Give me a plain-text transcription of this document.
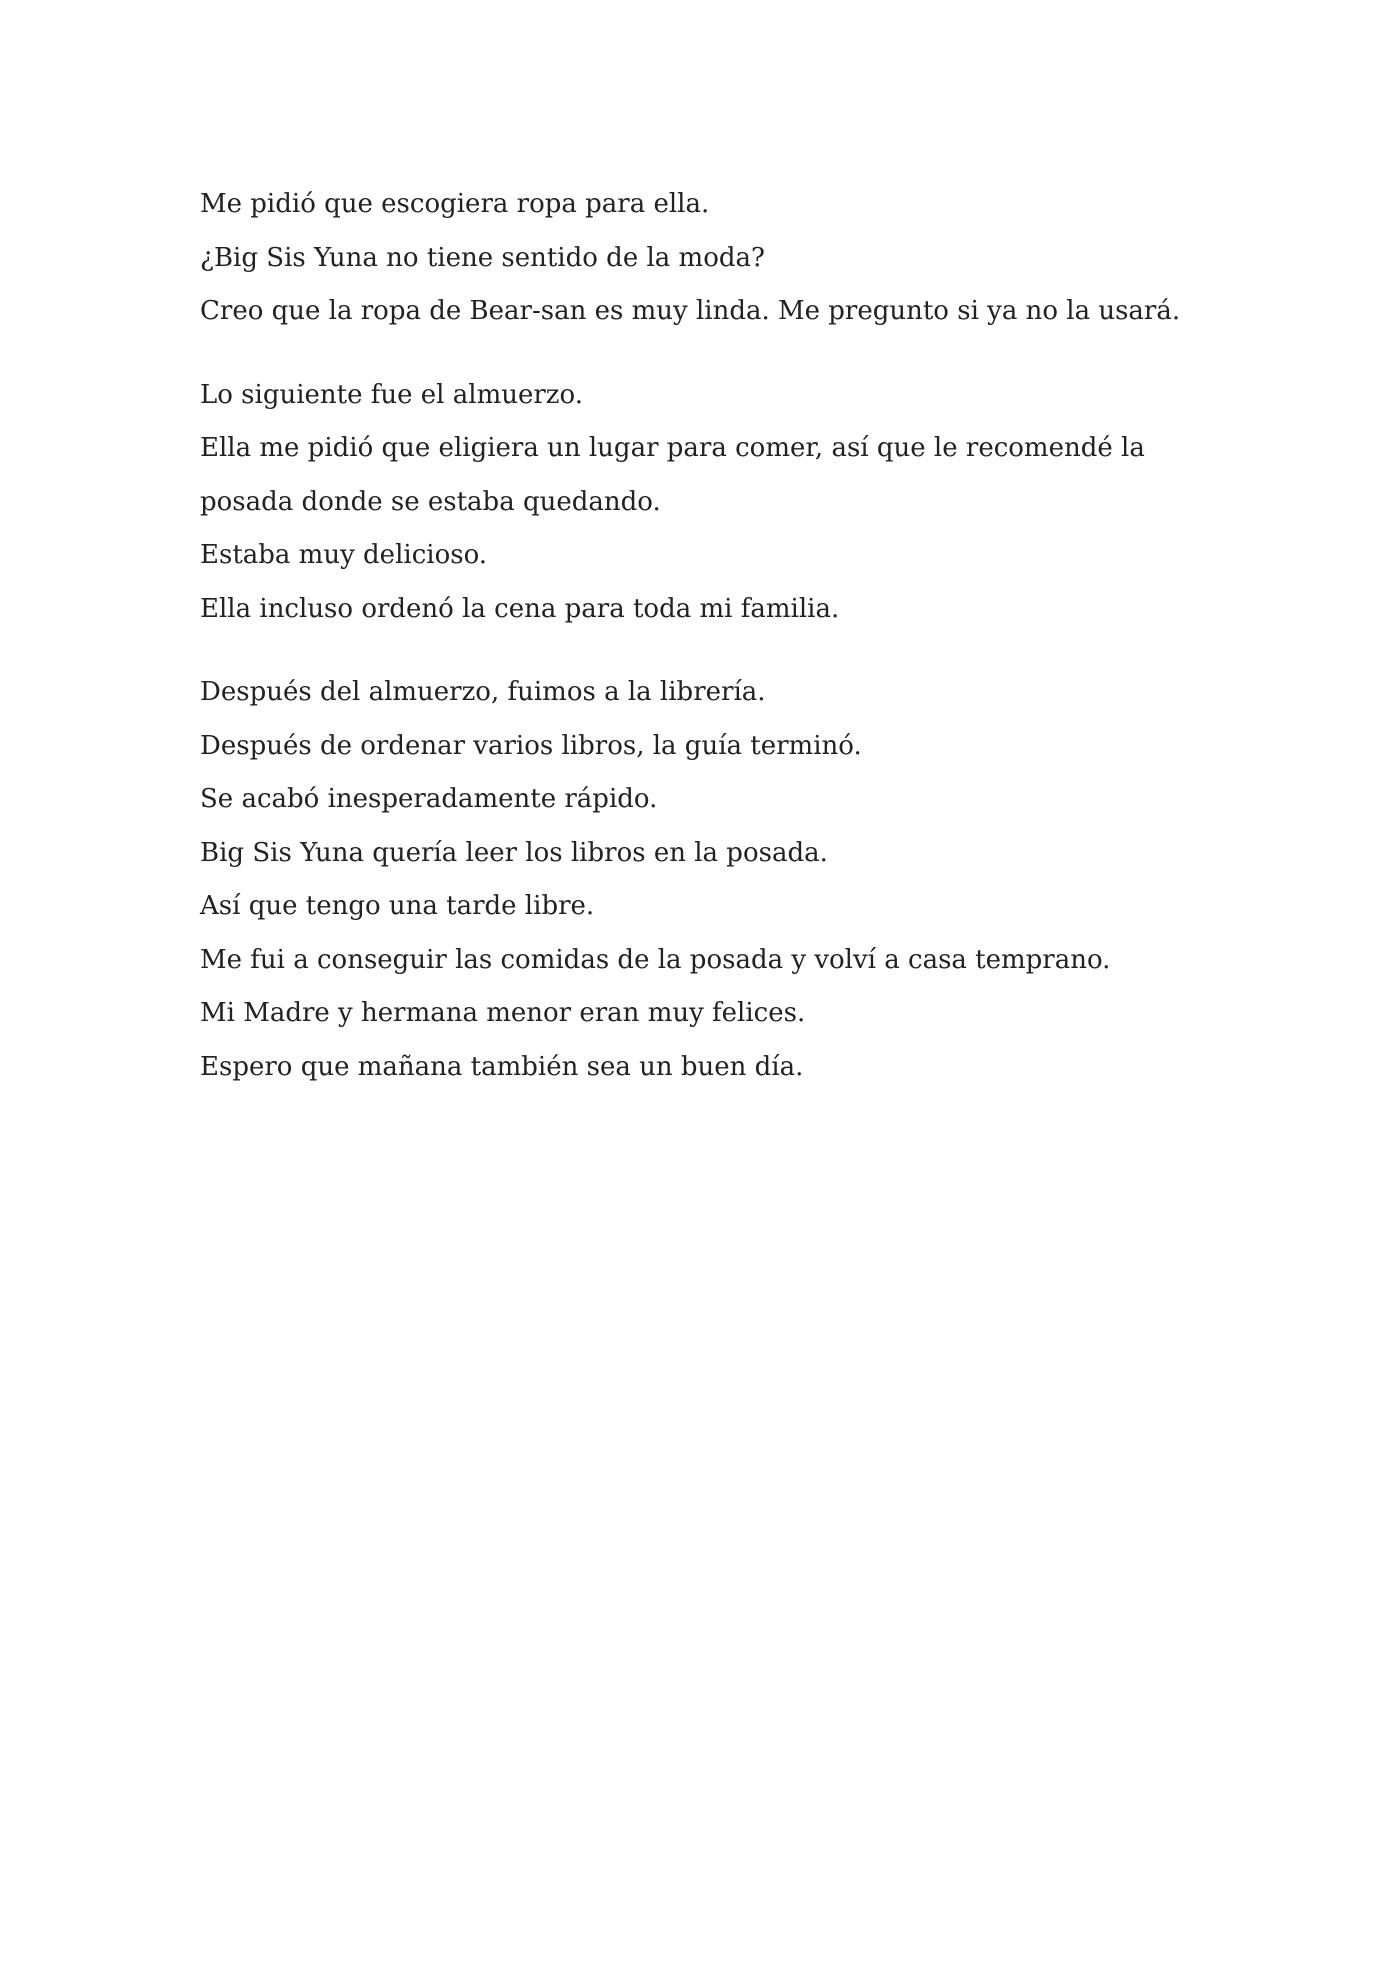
Me pidió que escogiera ropa para ella.
¿Big Sis Yuna no tiene sentido de la moda?
Creo que la ropa de Bear-san es muy linda. Me pregunto si ya no la usará.

Lo siguiente fue el almuerzo.
Ella me pidió que eligiera un lugar para comer, así que le recomendé la posada donde se estaba quedando.
Estaba muy delicioso.
Ella incluso ordenó la cena para toda mi familia.

Después del almuerzo, fuimos a la librería.
Después de ordenar varios libros, la guía terminó.
Se acabó inesperadamente rápido.
Big Sis Yuna quería leer los libros en la posada.
Así que tengo una tarde libre.
Me fui a conseguir las comidas de la posada y volví a casa temprano.
Mi Madre y hermana menor eran muy felices.
Espero que mañana también sea un buen día.
